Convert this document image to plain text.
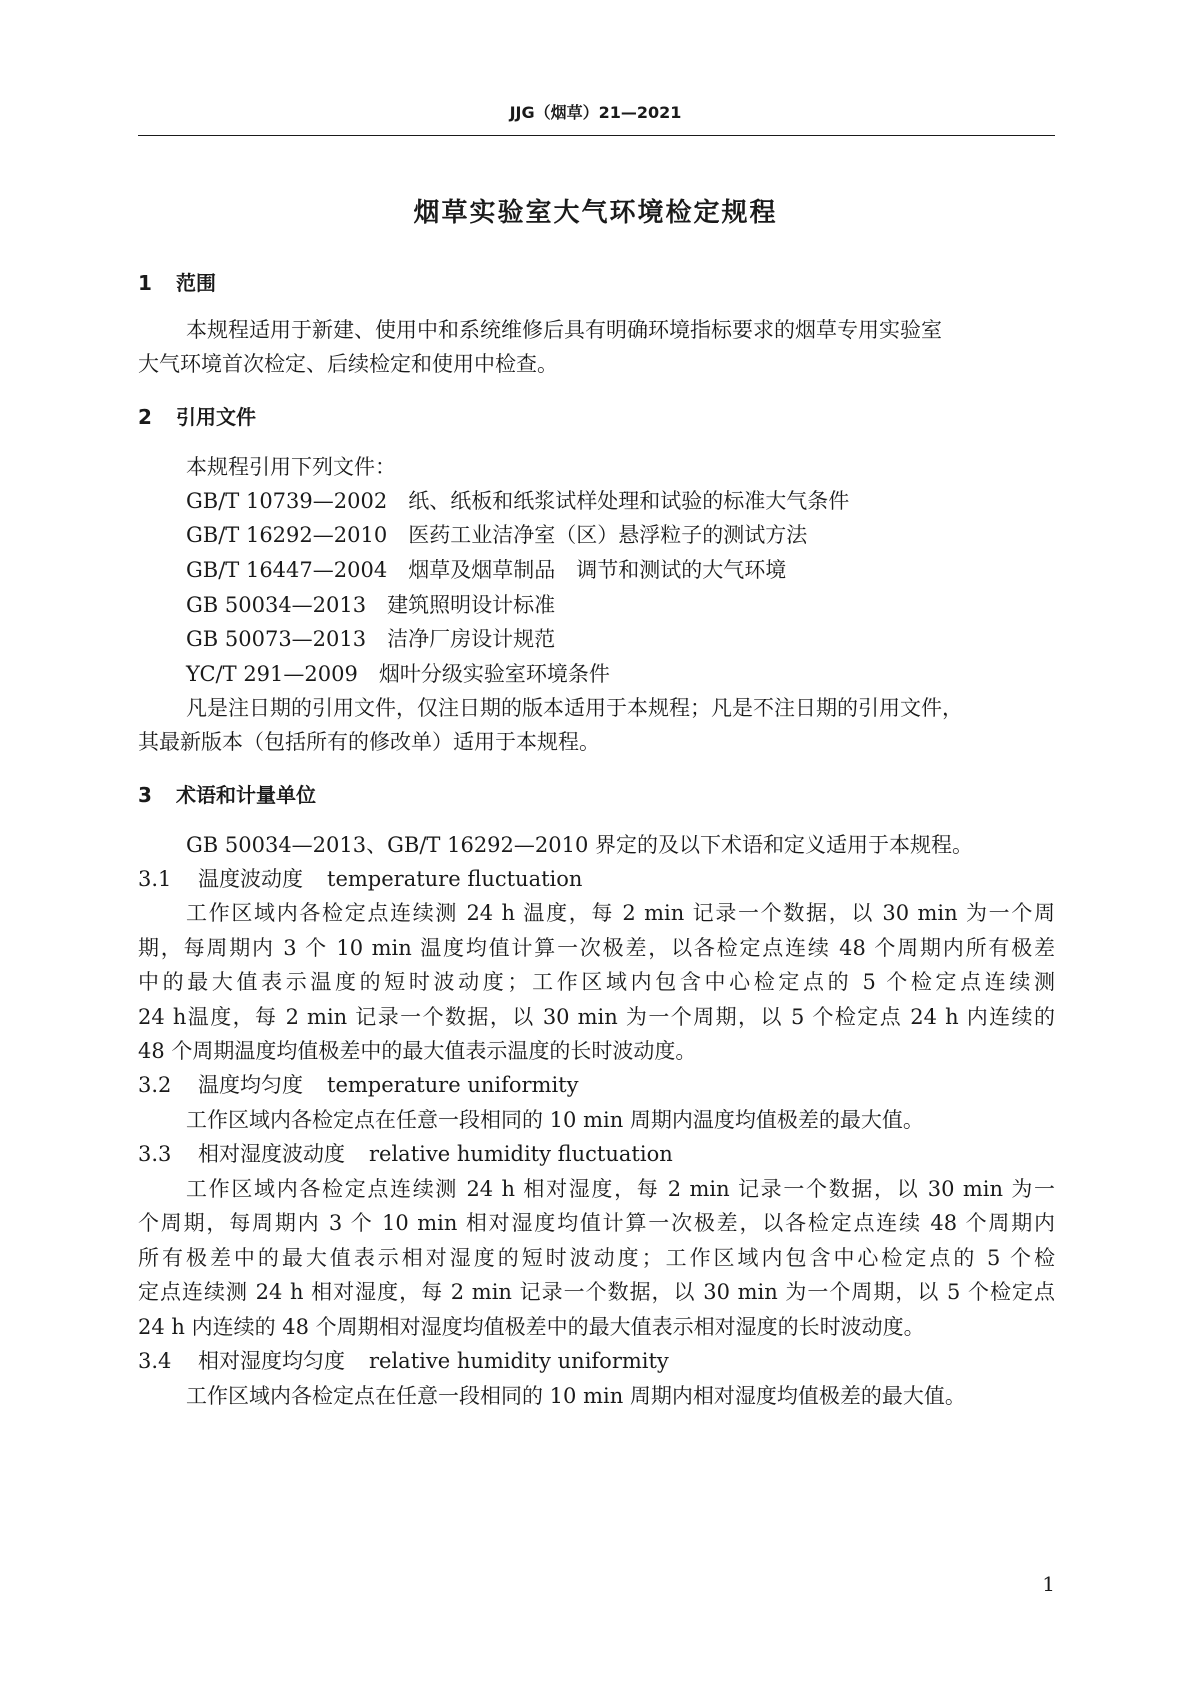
JJG（烟草）21—2021
烟草实验室大气环境检定规程
1 范围
本规程适用于新建、使用中和系统维修后具有明确环境指标要求的烟草专用实验室
大气环境首次检定、后续检定和使用中检查。
2 引用文件
本规程引用下列文件：
GB/T 10739—2002　 纸、纸板和纸浆试样处理和试验的标准大气条件
GB/T 16292—2010　 医药工业洁净室（区）悬浮粒子的测试方法
GB/T 16447—2004　 烟草及烟草制品　调节和测试的大气环境
GB 50034—2013　 建筑照明设计标准
GB 50073—2013　 洁净厂房设计规范
YC/T 291—2009　 烟叶分级实验室环境条件
凡是注日期的引用文件，仅注日期的版本适用于本规程；凡是不注日期的引用文件，
其最新版本（包括所有的修改单）适用于本规程。
3 术语和计量单位
GB 50034—2013、GB/T 16292—2010 界定的及以下术语和定义适用于本规程。
3.1 温度波动度 temperature fluctuation
工作区域内各检定点连续测 24 h 温度，每 2 min 记录一个数据，以 30 min 为一个周
期，每周期内 3 个 10 min 温度均值计算一次极差，以各检定点连续 48 个周期内所有极差
中的最大值表示温度的短时波动度；工作区域内包含中心检定点的 5 个检定点连续测
24 h温度，每 2 min 记录一个数据，以 30 min 为一个周期，以 5 个检定点 24 h 内连续的
48 个周期温度均值极差中的最大值表示温度的长时波动度。
3.2 温度均匀度 temperature uniformity
工作区域内各检定点在任意一段相同的 10 min 周期内温度均值极差的最大值。
3.3 相对湿度波动度 relative humidity fluctuation
工作区域内各检定点连续测 24 h 相对湿度，每 2 min 记录一个数据，以 30 min 为一
个周期，每周期内 3 个 10 min 相对湿度均值计算一次极差，以各检定点连续 48 个周期内
所有极差中的最大值表示相对湿度的短时波动度；工作区域内包含中心检定点的 5 个检
定点连续测 24 h 相对湿度，每 2 min 记录一个数据，以 30 min 为一个周期，以 5 个检定点
24 h 内连续的 48 个周期相对湿度均值极差中的最大值表示相对湿度的长时波动度。
3.4 相对湿度均匀度 relative humidity uniformity
工作区域内各检定点在任意一段相同的 10 min 周期内相对湿度均值极差的最大值。
1
